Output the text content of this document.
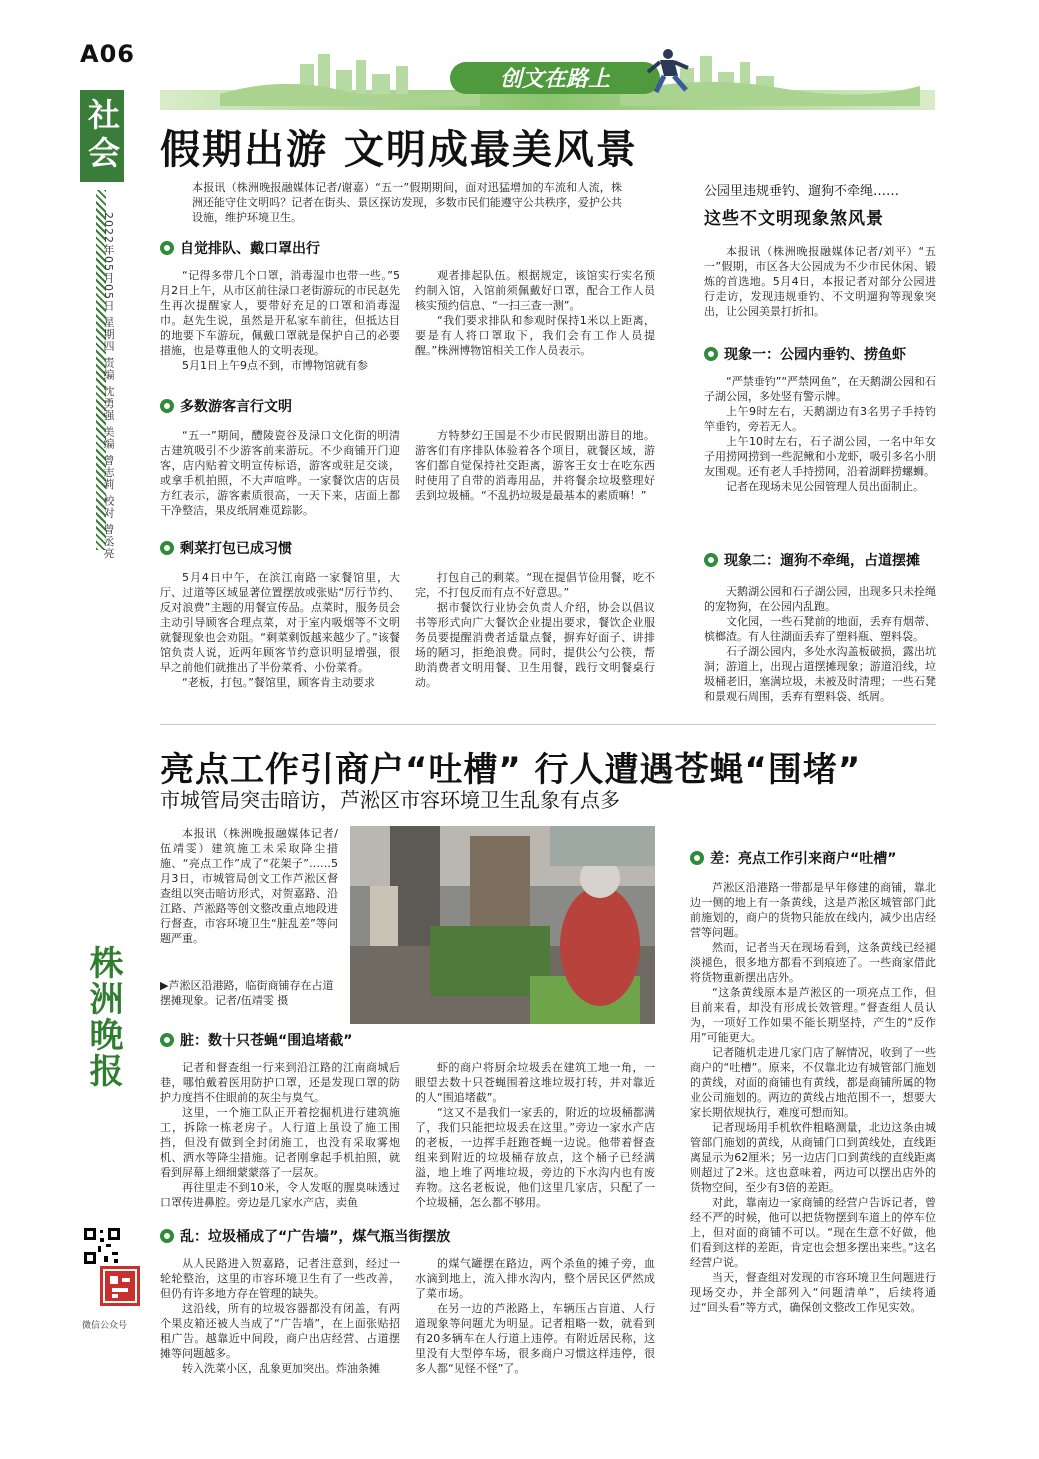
A06
创文在路上
社会
2022年05月05日 星期四 责编 沈勇强 美编 曾志莉 校对 曾丞亮
株洲晚报
微信公众号
假期出游 文明成最美风景
本报讯（株洲晚报融媒体记者/谢嘉）“五一”假期期间，面对迅猛增加的车流和人流，株洲还能守住文明吗？记者在街头、景区探访发现，多数市民们能遵守公共秩序，爱护公共设施，维护环境卫生。
自觉排队、戴口罩出行

“记得多带几个口罩，消毒湿巾也带一些。”5月2日上午，从市区前往渌口老街游玩的市民赵先生再次提醒家人，要带好充足的口罩和消毒湿巾。赵先生说，虽然是开私家车前往，但抵达目的地要下车游玩，佩戴口罩就是保护自己的必要措施，也是尊重他人的文明表现。

5月1日上午9点不到，市博物馆就有参

观者排起队伍。根据规定，该馆实行实名预约制入馆，入馆前须佩戴好口罩，配合工作人员核实预约信息、“一扫三查一测”。

“我们要求排队和参观时保持1米以上距离，要是有人将口罩取下，我们会有工作人员提醒。”株洲博物馆相关工作人员表示。

多数游客言行文明

“五一”期间，醴陵瓷谷及渌口文化街的明清古建筑吸引不少游客前来游玩。不少商铺开门迎客，店内贴着文明宣传标语，游客或驻足交谈，或拿手机拍照，不大声喧哗。一家餐饮店的店员方红表示，游客素质很高，一天下来，店面上都干净整洁，果皮纸屑难觅踪影。

方特梦幻王国是不少市民假期出游目的地。游客们有序排队体验着各个项目，就餐区域，游客们都自觉保持社交距离，游客王女士在吃东西时使用了自带的消毒用品，并将餐余垃圾整理好丢到垃圾桶。“不乱扔垃圾是最基本的素质嘛！”

剩菜打包已成习惯

5月4日中午，在滨江南路一家餐馆里，大厅、过道等区域显著位置摆放或张贴“厉行节约、反对浪费”主题的用餐宣传品。点菜时，服务员会主动引导顾客合理点菜，对于室内吸烟等不文明就餐现象也会劝阻。“剩菜剩饭越来越少了。”该餐馆负责人说，近两年顾客节约意识明显增强，很早之前他们就推出了半份菜肴、小份菜肴。

“老板，打包。”餐馆里，顾客肯主动要求

打包自己的剩菜。“现在提倡节俭用餐，吃不完，不打包反而有点不好意思。”

据市餐饮行业协会负责人介绍，协会以倡议书等形式向广大餐饮企业提出要求，餐饮企业服务员要提醒消费者适量点餐，摒弃好面子、讲排场的陋习，拒绝浪费。同时，提供公勺公筷，帮助消费者文明用餐、卫生用餐，践行文明餐桌行动。

公园里违规垂钓、遛狗不牵绳……
这些不文明现象煞风景

本报讯（株洲晚报融媒体记者/刘平）“五一”假期，市区各大公园成为不少市民休闲、锻炼的首选地。5月4日，本报记者对部分公园进行走访，发现违规垂钓、不文明遛狗等现象突出，让公园美景打折扣。

现象一：公园内垂钓、捞鱼虾

“严禁垂钓”“严禁网鱼”，在天鹅湖公园和石子湖公园，多处竖有警示牌。

上午9时左右，天鹅湖边有3名男子手持钓竿垂钓，旁若无人。

上午10时左右，石子湖公园，一名中年女子用捞网捞到一些泥鳅和小龙虾，吸引多名小朋友围观。还有老人手持捞网，沿着湖畔捞螺蛳。

记者在现场未见公园管理人员出面制止。

现象二：遛狗不牵绳，占道摆摊

天鹅湖公园和石子湖公园，出现多只未拴绳的宠物狗，在公园内乱跑。

文化园，一些石凳前的地面，丢弃有烟蒂、槟榔渣。有人往湖面丢弃了塑料瓶、塑料袋。

石子湖公园内，多处水沟盖板破损，露出坑洞；游道上，出现占道摆摊现象；游道沿线，垃圾桶老旧，塞满垃圾，未被及时清理；一些石凳和景观石周围，丢弃有塑料袋、纸屑。

亮点工作引商户“吐槽” 行人遭遇苍蝇“围堵”
市城管局突击暗访，芦淞区市容环境卫生乱象有点多

本报讯（株洲晚报融媒体记者/伍靖雯）建筑施工未采取降尘措施、“亮点工作”成了“花架子”……5月3日，市城管局创文工作芦淞区督查组以突击暗访形式，对贺嘉路、沿江路、芦淞路等创文整改重点地段进行督查，市容环境卫生“脏乱差”等问题严重。

▶芦淞区沿港路，临街商铺存在占道摆摊现象。记者/伍靖雯 摄
脏：数十只苍蝇“围追堵截”

记者和督查组一行来到沿江路的江南商城后巷，哪怕戴着医用防护口罩，还是发现口罩的防护力度挡不住眼前的灰尘与臭气。

这里，一个施工队正开着挖掘机进行建筑施工，拆除一栋老房子。人行道上虽设了施工围挡，但没有做到全封闭施工，也没有采取雾炮机、洒水等降尘措施。记者刚拿起手机拍照，就看到屏幕上细细蒙蒙落了一层灰。

再往里走不到10米，令人发呕的腥臭味透过口罩传进鼻腔。旁边是几家水产店，卖鱼

虾的商户将厨余垃圾丢在建筑工地一角，一眼望去数十只苍蝇围着这堆垃圾打转，并对靠近的人“围追堵截”。

“这又不是我们一家丢的，附近的垃圾桶都满了，我们只能把垃圾丢在这里。”旁边一家水产店的老板，一边挥手赶跑苍蝇一边说。他带着督查组来到附近的垃圾桶存放点，这个桶子已经满溢，地上堆了两堆垃圾，旁边的下水沟内也有废弃物。这名老板说，他们这里几家店，只配了一个垃圾桶，怎么都不够用。

乱：垃圾桶成了“广告墙”，煤气瓶当街摆放

从人民路进入贺嘉路，记者注意到，经过一轮轮整治，这里的市容环境卫生有了一些改善，但仍有许多地方存在管理的缺失。

这沿线，所有的垃圾容器都没有闭盖，有两个果皮箱还被人当成了“广告墙”，在上面张贴招租广告。越靠近中间段，商户出店经营、占道摆摊等问题越多。

转入洗菜小区，乱象更加突出。炸油条摊

的煤气罐摆在路边，两个杀鱼的摊子旁，血水滴到地上，流入排水沟内，整个居民区俨然成了菜市场。

在另一边的芦淞路上，车辆压占盲道、人行道现象等问题尤为明显。记者粗略一数，就看到有20多辆车在人行道上违停。有附近居民称，这里没有大型停车场，很多商户习惯这样违停，很多人都“见怪不怪”了。

差：亮点工作引来商户“吐槽”

芦淞区沿港路一带都是早年修建的商铺，靠北边一侧的地上有一条黄线，这是芦淞区城管部门此前施划的，商户的货物只能放在线内，减少出店经营等问题。

然而，记者当天在现场看到，这条黄线已经褪淡褪色，很多地方都看不到痕迹了。一些商家借此将货物重新摆出店外。

“这条黄线原本是芦淞区的一项亮点工作，但目前来看，却没有形成长效管理。”督查组人员认为，一项好工作如果不能长期坚持，产生的“反作用”可能更大。

记者随机走进几家门店了解情况，收到了一些商户的“吐槽”。原来，不仅靠北边有城管部门施划的黄线，对面的商铺也有黄线，都是商铺所属的物业公司施划的。两边的黄线占地范围不一，想要大家长期依规执行，难度可想而知。

记者现场用手机软件粗略测量，北边这条由城管部门施划的黄线，从商铺门口到黄线处，直线距离显示为62厘米；另一边店门口到黄线的直线距离则超过了2米。这也意味着，两边可以摆出店外的货物空间，至少有3倍的差距。

对此，靠南边一家商铺的经营户告诉记者，曾经不严的时候，他可以把货物摆到车道上的停车位上，但对面的商铺不可以。“现在生意不好做，他们看到这样的差距，肯定也会想多摆出来些。”这名经营户说。

当天，督查组对发现的市容环境卫生问题进行现场交办，并全部列入“问题清单”，后续将通过“回头看”等方式，确保创文整改工作见实效。
